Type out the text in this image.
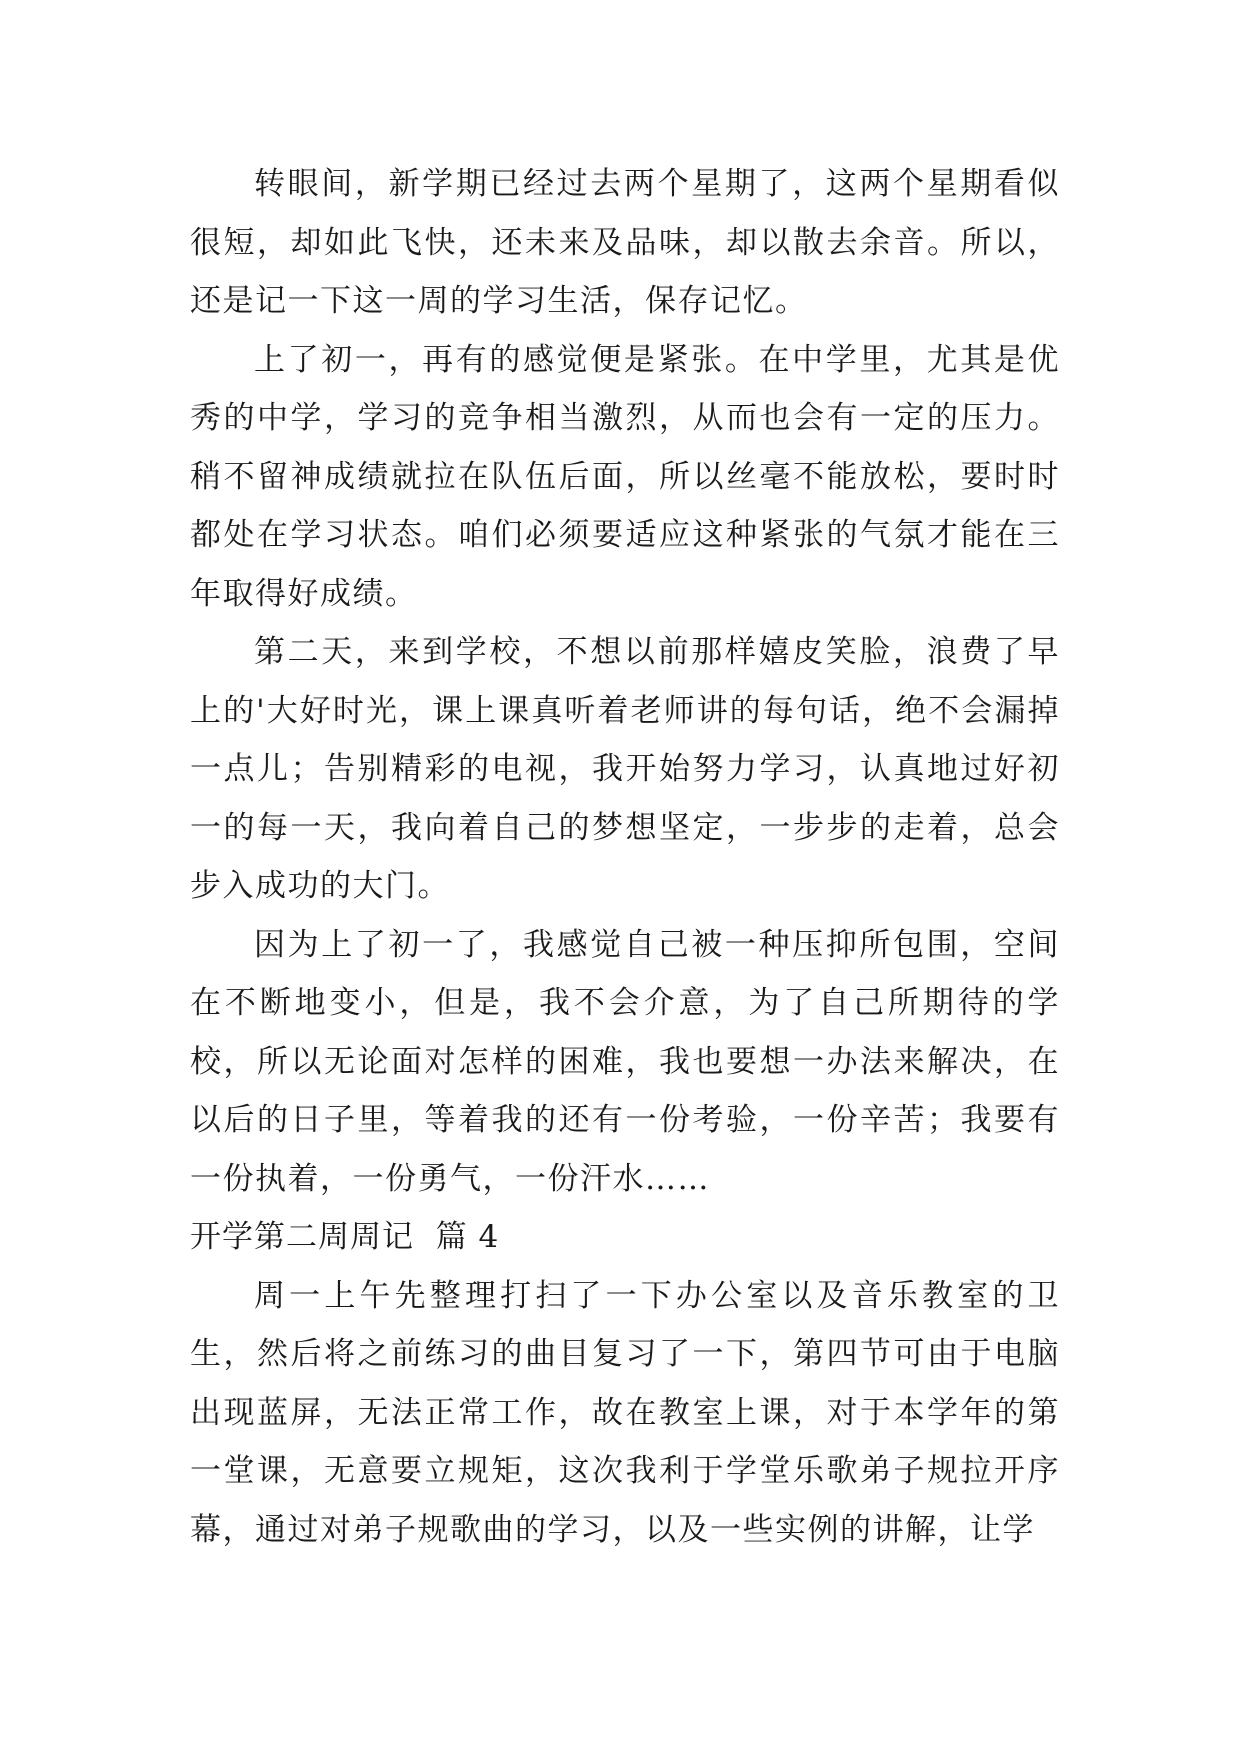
转眼间，新学期已经过去两个星期了，这两个星期看似很短，却如此飞快，还未来及品味，却以散去余音。所以，还是记一下这一周的学习生活，保存记忆。

上了初一，再有的感觉便是紧张。在中学里，尤其是优秀的中学，学习的竞争相当激烈，从而也会有一定的压力。稍不留神成绩就拉在队伍后面，所以丝毫不能放松，要时时都处在学习状态。咱们必须要适应这种紧张的气氛才能在三年取得好成绩。

第二天，来到学校，不想以前那样嬉皮笑脸，浪费了早上的'大好时光，课上课真听着老师讲的每句话，绝不会漏掉一点儿；告别精彩的电视，我开始努力学习，认真地过好初一的每一天，我向着自己的梦想坚定，一步步的走着，总会步入成功的大门。

因为上了初一了，我感觉自己被一种压抑所包围，空间在不断地变小，但是，我不会介意，为了自己所期待的学校，所以无论面对怎样的困难，我也要想一办法来解决，在以后的日子里，等着我的还有一份考验，一份辛苦；我要有一份执着，一份勇气，一份汗水……

开学第二周周记  篇 4

周一上午先整理打扫了一下办公室以及音乐教室的卫生，然后将之前练习的曲目复习了一下，第四节可由于电脑出现蓝屏，无法正常工作，故在教室上课，对于本学年的第一堂课，无意要立规矩，这次我利于学堂乐歌弟子规拉开序幕，通过对弟子规歌曲的学习，以及一些实例的讲解，让学
